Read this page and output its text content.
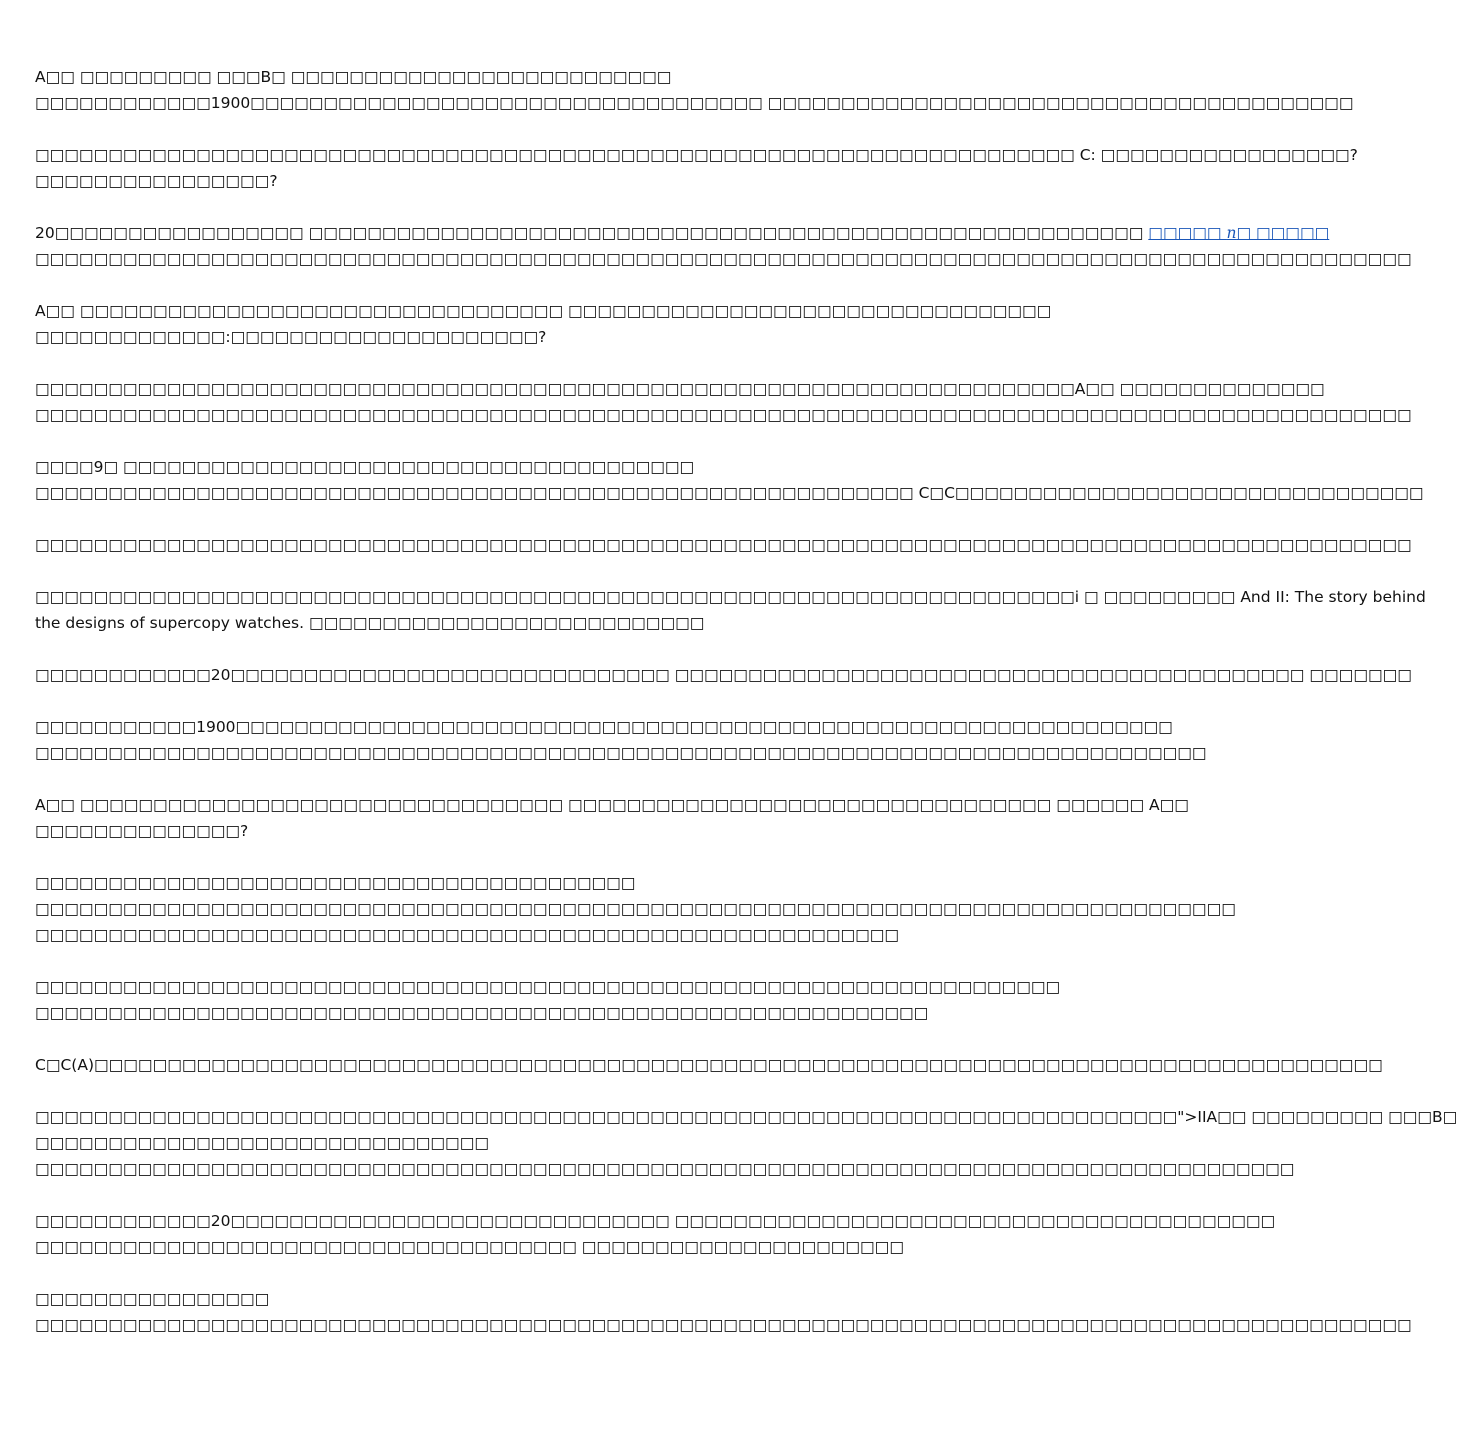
A□□ □□□□□□□□□ □□□B□ □□□□□□□□□□□□□□□□□□□□□□□□□□
□□□□□□□□□□□□1900□□□□□□□□□□□□□□□□□□□□□□□□□□□□□□□□□□□ □□□□□□□□□□□□□□□□□□□□□□□□□□□□□□□□□□□□□□□□

□□□□□□□□□□□□□□□□□□□□□□□□□□□□□□□□□□□□□□□□□□□□□□□□□□□□□□□□□□□□□□□□□□□□□□□ C: □□□□□□□□□□□□□□□□□?
□□□□□□□□□□□□□□□□?

20□□□□□□□□□□□□□□□□□ □□□□□□□□□□□□□□□□□□□□□□□□□□□□□□□□□□□□□□□□□□□□□□□□□□□□□□□□□ □□□□□ n□ □□□□□
□□□□□□□□□□□□□□□□□□□□□□□□□□□□□□□□□□□□□□□□□□□□□□□□□□□□□□□□□□□□□□□□□□□□□□□□□□□□□□□□□□□□□□□□□□□□□□

A□□ □□□□□□□□□□□□□□□□□□□□□□□□□□□□□□□□□ □□□□□□□□□□□□□□□□□□□□□□□□□□□□□□□□□
□□□□□□□□□□□□□:□□□□□□□□□□□□□□□□□□□□□?

□□□□□□□□□□□□□□□□□□□□□□□□□□□□□□□□□□□□□□□□□□□□□□□□□□□□□□□□□□□□□□□□□□□□□□□A□□ □□□□□□□□□□□□□□
□□□□□□□□□□□□□□□□□□□□□□□□□□□□□□□□□□□□□□□□□□□□□□□□□□□□□□□□□□□□□□□□□□□□□□□□□□□□□□□□□□□□□□□□□□□□□□

□□□□9□ □□□□□□□□□□□□□□□□□□□□□□□□□□□□□□□□□□□□□□□
□□□□□□□□□□□□□□□□□□□□□□□□□□□□□□□□□□□□□□□□□□□□□□□□□□□□□□□□□□□□ C□C□□□□□□□□□□□□□□□□□□□□□□□□□□□□□□□□

□□□□□□□□□□□□□□□□□□□□□□□□□□□□□□□□□□□□□□□□□□□□□□□□□□□□□□□□□□□□□□□□□□□□□□□□□□□□□□□□□□□□□□□□□□□□□□

□□□□□□□□□□□□□□□□□□□□□□□□□□□□□□□□□□□□□□□□□□□□□□□□□□□□□□□□□□□□□□□□□□□□□□□i □ □□□□□□□□□ And II: The story behind
the designs of supercopy watches. □□□□□□□□□□□□□□□□□□□□□□□□□□□

□□□□□□□□□□□□20□□□□□□□□□□□□□□□□□□□□□□□□□□□□□□ □□□□□□□□□□□□□□□□□□□□□□□□□□□□□□□□□□□□□□□□□□□ □□□□□□□

□□□□□□□□□□□1900□□□□□□□□□□□□□□□□□□□□□□□□□□□□□□□□□□□□□□□□□□□□□□□□□□□□□□□□□□□□□□□□
□□□□□□□□□□□□□□□□□□□□□□□□□□□□□□□□□□□□□□□□□□□□□□□□□□□□□□□□□□□□□□□□□□□□□□□□□□□□□□□□

A□□ □□□□□□□□□□□□□□□□□□□□□□□□□□□□□□□□□ □□□□□□□□□□□□□□□□□□□□□□□□□□□□□□□□□ □□□□□□ A□□
□□□□□□□□□□□□□□?

□□□□□□□□□□□□□□□□□□□□□□□□□□□□□□□□□□□□□□□□□
□□□□□□□□□□□□□□□□□□□□□□□□□□□□□□□□□□□□□□□□□□□□□□□□□□□□□□□□□□□□□□□□□□□□□□□□□□□□□□□□□□
□□□□□□□□□□□□□□□□□□□□□□□□□□□□□□□□□□□□□□□□□□□□□□□□□□□□□□□□□□□

□□□□□□□□□□□□□□□□□□□□□□□□□□□□□□□□□□□□□□□□□□□□□□□□□□□□□□□□□□□□□□□□□□□□□□
□□□□□□□□□□□□□□□□□□□□□□□□□□□□□□□□□□□□□□□□□□□□□□□□□□□□□□□□□□□□□

C□C(A)□□□□□□□□□□□□□□□□□□□□□□□□□□□□□□□□□□□□□□□□□□□□□□□□□□□□□□□□□□□□□□□□□□□□□□□□□□□□□□□□□□□□□□□□

□□□□□□□□□□□□□□□□□□□□□□□□□□□□□□□□□□□□□□□□□□□□□□□□□□□□□□□□□□□□□□□□□□□□□□□□□□□□□□">IIA□□ □□□□□□□□□ □□□B□
□□□□□□□□□□□□□□□□□□□□□□□□□□□□□□□
□□□□□□□□□□□□□□□□□□□□□□□□□□□□□□□□□□□□□□□□□□□□□□□□□□□□□□□□□□□□□□□□□□□□□□□□□□□□□□□□□□□□□□

□□□□□□□□□□□□20□□□□□□□□□□□□□□□□□□□□□□□□□□□□□□ □□□□□□□□□□□□□□□□□□□□□□□□□□□□□□□□□□□□□□□□□
□□□□□□□□□□□□□□□□□□□□□□□□□□□□□□□□□□□□□ □□□□□□□□□□□□□□□□□□□□□□

□□□□□□□□□□□□□□□□
□□□□□□□□□□□□□□□□□□□□□□□□□□□□□□□□□□□□□□□□□□□□□□□□□□□□□□□□□□□□□□□□□□□□□□□□□□□□□□□□□□□□□□□□□□□□□□
